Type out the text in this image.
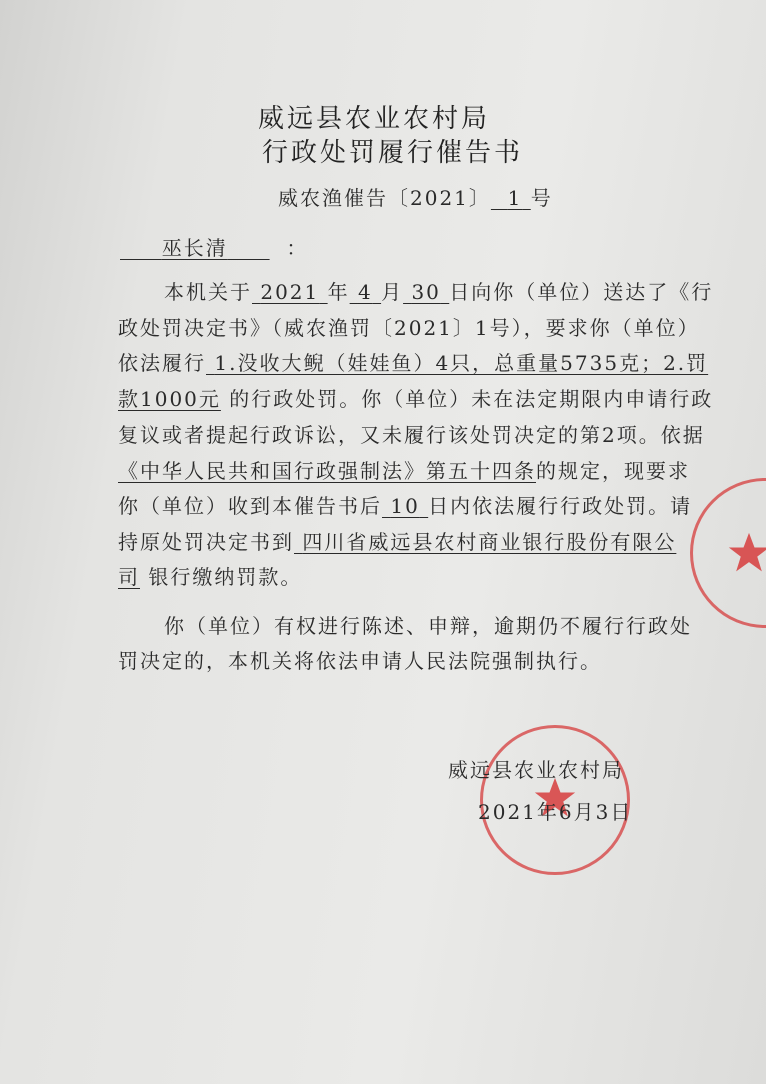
威远县农业农村局
行政处罚履行催告书
威农渔催告〔2021〕 1 号
巫长清	：
本机关于 2021 年 4 月 30 日向你（单位）送达了《行
政处罚决定书》（威农渔罚〔2021〕1号），要求你（单位）
依法履行 1.没收大鲵（娃娃鱼）4只，总重量5735克；2.罚
款1000元 的行政处罚。你（单位）未在法定期限内申请行政
复议或者提起行政诉讼，又未履行该处罚决定的第2项。依据
《中华人民共和国行政强制法》第五十四条的规定，现要求
你（单位）收到本催告书后 10 日内依法履行行政处罚。请
持原处罚决定书到 四川省威远县农村商业银行股份有限公
司 银行缴纳罚款。
你（单位）有权进行陈述、申辩，逾期仍不履行行政处
罚决定的，本机关将依法申请人民法院强制执行。
威远县农业农村局
2021年6月3日
